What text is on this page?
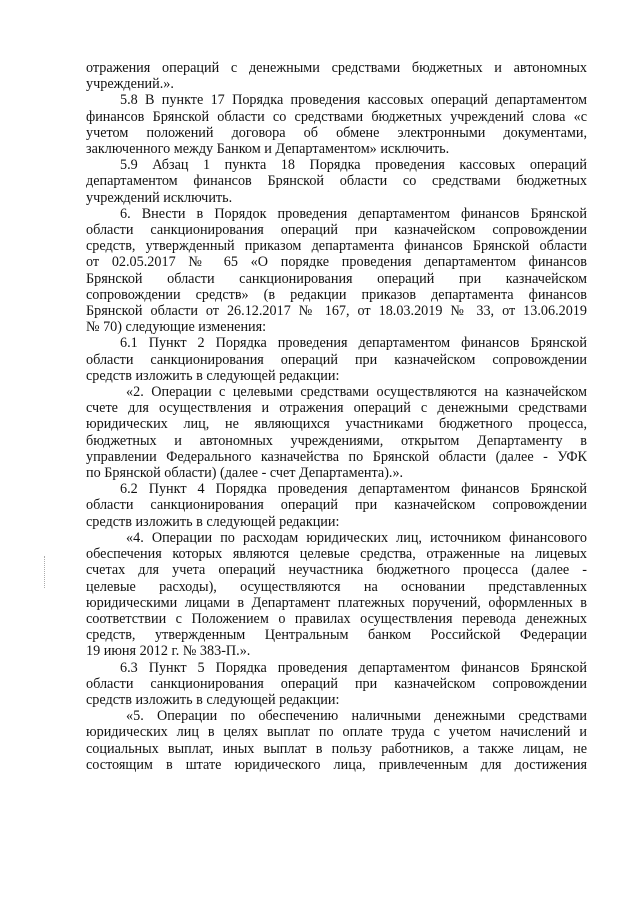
отражения операций с денежными средствами бюджетных и автономных
учреждений.».
5.8 В пункте 17 Порядка проведения кассовых операций департаментом
финансов Брянской области со средствами бюджетных учреждений слова «с
учетом положений договора об обмене электронными документами,
заключенного между Банком и Департаментом» исключить.
5.9 Абзац 1 пункта 18 Порядка проведения кассовых операций
департаментом финансов Брянской области со средствами бюджетных
учреждений исключить.
6. Внести в Порядок проведения департаментом финансов Брянской
области санкционирования операций при казначейском сопровождении
средств, утвержденный приказом департамента финансов Брянской области
от 02.05.2017 № 65 «О порядке проведения департаментом финансов
Брянской области санкционирования операций при казначейском
сопровождении средств» (в редакции приказов департамента финансов
Брянской области от 26.12.2017 № 167, от 18.03.2019 № 33, от 13.06.2019
№ 70) следующие изменения:
6.1 Пункт 2 Порядка проведения департаментом финансов Брянской
области санкционирования операций при казначейском сопровождении
средств изложить в следующей редакции:
«2. Операции с целевыми средствами осуществляются на казначейском
счете для осуществления и отражения операций с денежными средствами
юридических лиц, не являющихся участниками бюджетного процесса,
бюджетных и автономных учреждениями, открытом Департаменту в
управлении Федерального казначейства по Брянской области (далее - УФК
по Брянской области) (далее - счет Департамента).».
6.2 Пункт 4 Порядка проведения департаментом финансов Брянской
области санкционирования операций при казначейском сопровождении
средств изложить в следующей редакции:
«4. Операции по расходам юридических лиц, источником финансового
обеспечения которых являются целевые средства, отраженные на лицевых
счетах для учета операций неучастника бюджетного процесса (далее -
целевые расходы), осуществляются на основании представленных
юридическими лицами в Департамент платежных поручений, оформленных в
соответствии с Положением о правилах осуществления перевода денежных
средств, утвержденным Центральным банком Российской Федерации
19 июня 2012 г. № 383-П.».
6.3 Пункт 5 Порядка проведения департаментом финансов Брянской
области санкционирования операций при казначейском сопровождении
средств изложить в следующей редакции:
«5. Операции по обеспечению наличными денежными средствами
юридических лиц в целях выплат по оплате труда с учетом начислений и
социальных выплат, иных выплат в пользу работников, а также лицам, не
состоящим в штате юридического лица, привлеченным для достижения
